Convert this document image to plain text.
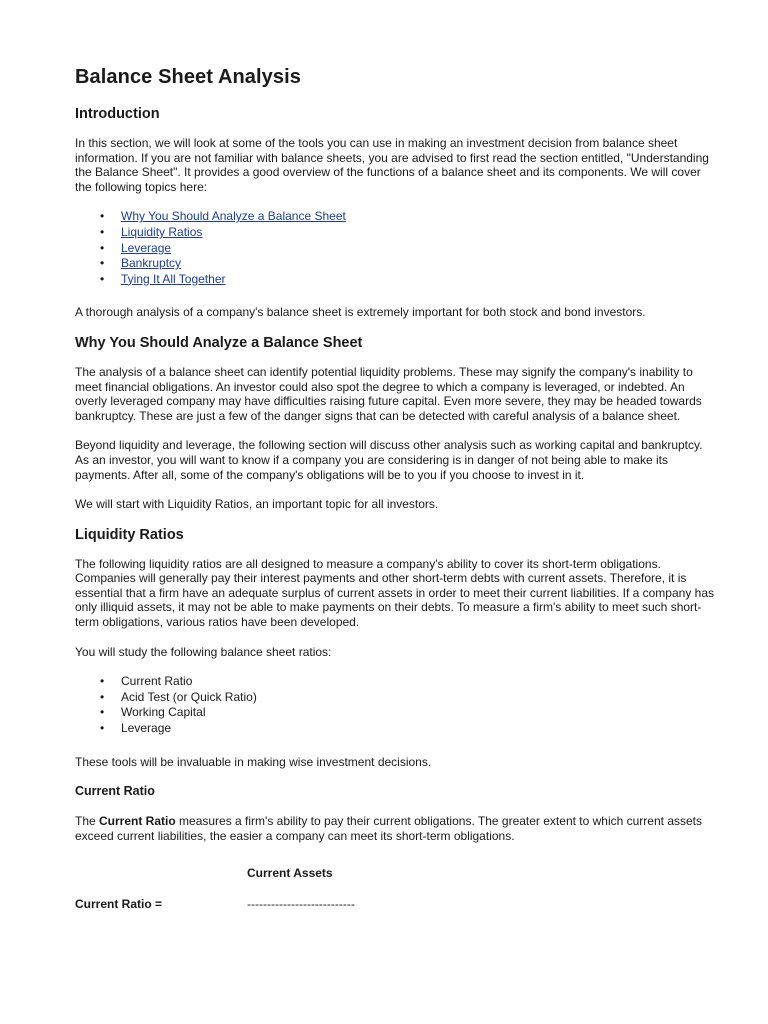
Balance Sheet Analysis
Introduction

In this section, we will look at some of the tools you can use in making an investment decision from balance sheet information. If you are not familiar with balance sheets, you are advised to first read the section entitled, "Understanding the Balance Sheet". It provides a good overview of the functions of a balance sheet and its components. We will cover the following topics here:

• Why You Should Analyze a Balance Sheet
• Liquidity Ratios
• Leverage
• Bankruptcy
• Tying It All Together

A thorough analysis of a company's balance sheet is extremely important for both stock and bond investors.

Why You Should Analyze a Balance Sheet

The analysis of a balance sheet can identify potential liquidity problems. These may signify the company's inability to meet financial obligations. An investor could also spot the degree to which a company is leveraged, or indebted. An overly leveraged company may have difficulties raising future capital. Even more severe, they may be headed towards bankruptcy. These are just a few of the danger signs that can be detected with careful analysis of a balance sheet.

Beyond liquidity and leverage, the following section will discuss other analysis such as working capital and bankruptcy. As an investor, you will want to know if a company you are considering is in danger of not being able to make its payments. After all, some of the company's obligations will be to you if you choose to invest in it.

We will start with Liquidity Ratios, an important topic for all investors.

Liquidity Ratios

The following liquidity ratios are all designed to measure a company's ability to cover its short-term obligations. Companies will generally pay their interest payments and other short-term debts with current assets. Therefore, it is essential that a firm have an adequate surplus of current assets in order to meet their current liabilities. If a company has only illiquid assets, it may not be able to make payments on their debts. To measure a firm's ability to meet such short-term obligations, various ratios have been developed.

You will study the following balance sheet ratios:

• Current Ratio
• Acid Test (or Quick Ratio)
• Working Capital
• Leverage

These tools will be invaluable in making wise investment decisions.

Current Ratio

The Current Ratio measures a firm's ability to pay their current obligations. The greater extent to which current assets exceed current liabilities, the easier a company can meet its short-term obligations.

Current Assets
Current Ratio =	---------------------------
